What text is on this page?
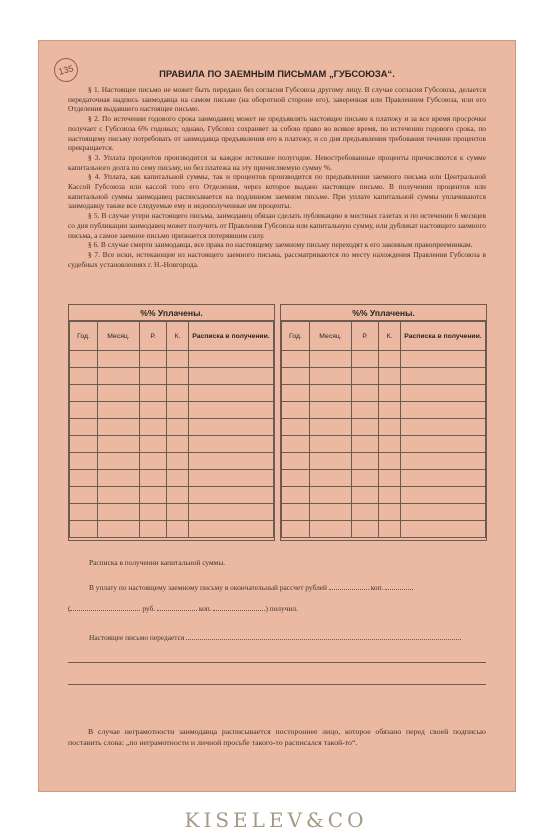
135	ПРАВИЛА ПО ЗАЕМНЫМ ПИСЬМАМ „ГУБСОЮЗА“.

§ 1. Настоящее письмо не может быть передано без согласия Губсоюза другому лицу. В случае согласия Губсоюза, делается передаточная надпись заимодавца на самом письме (на оборотной стороне его), заверенная или Правлением Губсоюза, или его Отделения выдавшего настоящее письмо.

§ 2. По истечении годового срока заимодавец может не предъявлять настоящее письмо к платежу и за все время просрочки получает с Губсоюза 6% годовых; однако, Губсоюз сохраняет за собою право во всякое время, по истечении годового срока, по настоящему письму потребовать от заимодавца предъявления его к платежу, и со дня предъявления требования течение процентов прекращается.

§ 3. Уплата процентов производится за каждое истекшее полугодие. Невостребованные проценты причисляются к сумме капитального долга по сему письму, но без платежа на эту причисляемую сумму %.

§ 4. Уплата, как капитальной суммы, так и процентов производится по предъявлении заемного письма или Центральной Кассой Губсоюза или кассой того его Отделения, через которое выдано настоящее письмо. В получении процентов или капитальной суммы заимодавец расписывается на подлинном заемном письме. При уплате капитальной суммы уплачиваются заимодавцу также все следуемые ему и недополученные им проценты.

§ 5. В случае утери настоящего письма, заимодавец обязан сделать публикацию в местных газетах и по истечении 6 месяцев со дня публикации заимодавец может получить от Правления Губсоюза или капитальную сумму, или дубликат настоящего заемного письма, а самое заемное письмо признается потерявшим силу.

§ 6. В случае смерти заимодавца, все права по настоящему заемному письму переходят к его законным правопреемникам.

§ 7. Все иски, истекающие из настоящего заемного письма, рассматриваются по месту нахождения Правления Губсоюза в судебных установлениях г. Н.-Новгорода.

%% Уплачены.
Год.	Месяц.	Р.	К.	Расписка в получении.

%% Уплачены.
Год.	Месяц.	Р.	К.	Расписка в получении.

Расписка в получении капитальной суммы.
В уплату по настоящему заемному письму в окончательный рассчет рублей	коп.
(	руб.	коп.	) получил.
Настоящее письмо передается

В случае неграмотности заимодавца расписывается постороннее лицо, которое обязано перед своей подписью поставить слова: „по неграмотности и личной просьбе такого-то расписался такой-то“.

KISELEV&CO
